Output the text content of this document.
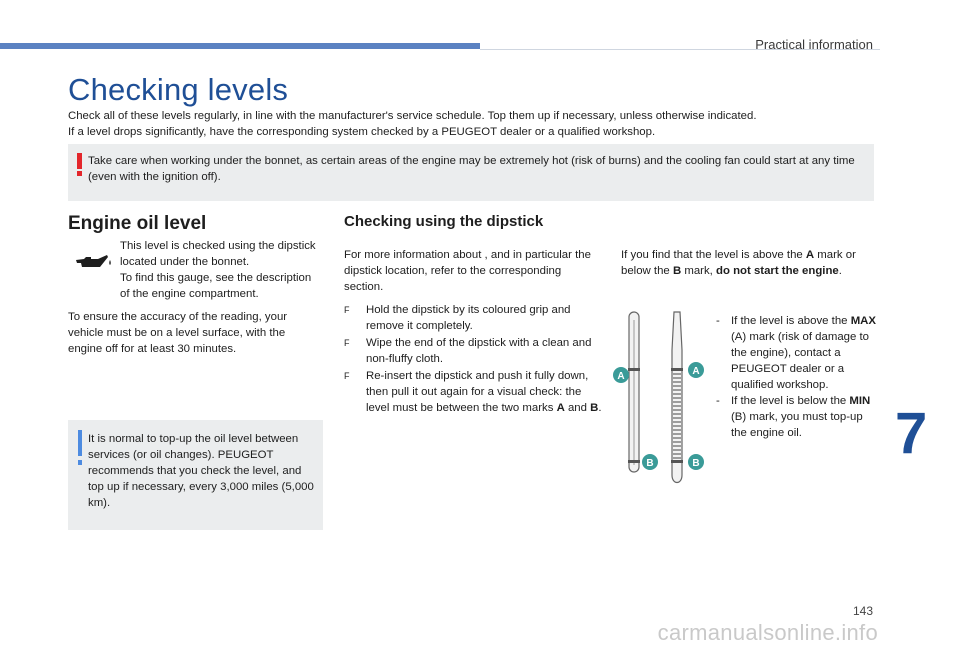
Practical information
Checking levels

Check all of these levels regularly, in line with the manufacturer's service schedule. Top them up if necessary, unless otherwise indicated.

If a level drops significantly, have the corresponding system checked by a PEUGEOT dealer or a qualified workshop.

Take care when working under the bonnet, as certain areas of the engine may be extremely hot (risk of burns) and the cooling fan could start at any time (even with the ignition off).
Engine oil level	Checking using the dipstick

This level is checked using the dipstick located under the bonnet.

To find this gauge, see the description of the engine compartment.

To ensure the accuracy of the reading, your vehicle must be on a level surface, with the engine off for at least 30 minutes.
It is normal to top-up the oil level between services (or oil changes). PEUGEOT recommends that you check the level, and top up if necessary, every 3,000 miles (5,000 km).
For more information about , and in particular the dipstick location, refer to the corresponding section.
F Hold the dipstick by its coloured grip and remove it completely.
F Wipe the end of the dipstick with a clean and non-fluffy cloth.
F Re-insert the dipstick and push it fully down, then pull it out again for a visual check: the level must be between the two marks A and B.
If you find that the level is above the A mark or below the B mark, do not start the engine.
A	A
B	B
- If the level is above the MAX (A) mark (risk of damage to the engine), contact a PEUGEOT dealer or a qualified workshop.
- If the level is below the MIN (B) mark, you must top-up the engine oil.	7
143
carmanualsonline.info
